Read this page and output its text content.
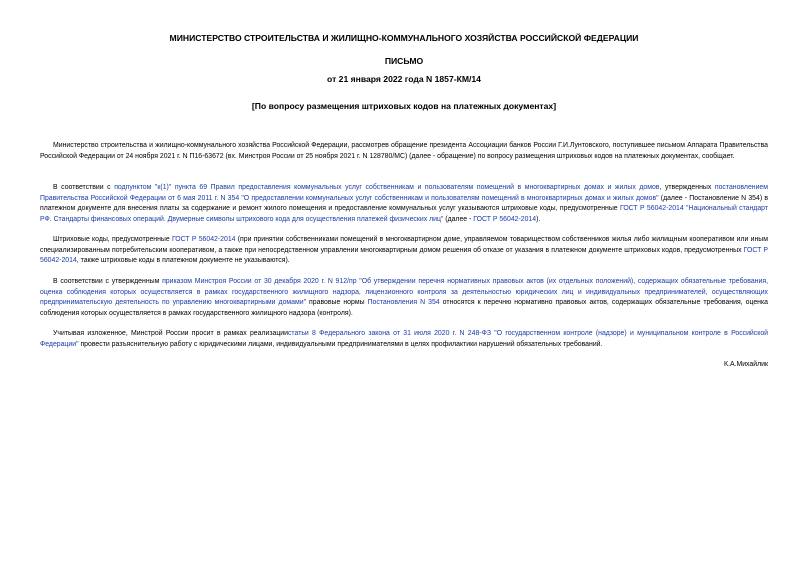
МИНИСТЕРСТВО СТРОИТЕЛЬСТВА И ЖИЛИЩНО-КОММУНАЛЬНОГО ХОЗЯЙСТВА РОССИЙСКОЙ ФЕДЕРАЦИИ
ПИСЬМО
от 21 января 2022 года N 1857-КМ/14
[По вопросу размещения штриховых кодов на платежных документах]

Министерство строительства и жилищно-коммунального хозяйства Российской Федерации, рассмотрев обращение президента Ассоциации банков России Г.И.Лунтовского, поступившее письмом Аппарата Правительства Российской Федерации от 24 ноября 2021 г. N П16-63672 (вх. Минстроя России от 25 ноября 2021 г. N 128780/МС) (далее - обращение) по вопросу размещения штриховых кодов на платежных документах, сообщает.

В соответствии с подпунктом "к(1)" пункта 69 Правил предоставления коммунальных услуг собственникам и пользователям помещений в многоквартирных домах и жилых домов, утвержденных постановлением Правительства Российской Федерации от 6 мая 2011 г. N 354 "О предоставлении коммунальных услуг собственникам и пользователям помещений в многоквартирных домах и жилых домов" (далее - Постановление N 354) в платежном документе для внесения платы за содержание и ремонт жилого помещения и предоставление коммунальных услуг указываются штриховые коды, предусмотренные ГОСТ Р 56042-2014 "Национальный стандарт РФ. Стандарты финансовых операций. Двумерные символы штрихового кода для осуществления платежей физических лиц" (далее - ГОСТ Р 56042-2014).

Штриховые коды, предусмотренные ГОСТ Р 56042-2014 (при принятии собственниками помещений в многоквартирном доме, управляемом товариществом собственников жилья либо жилищным кооперативом или иным специализированным потребительским кооперативом, а также при непосредственном управлении многоквартирным домом решения об отказе от указания в платежном документе штриховых кодов, предусмотренных ГОСТ Р 56042-2014, также штриховые коды в платежном документе не указываются).

В соответствии с утвержденным приказом Минстроя России от 30 декабря 2020 г. N 912/пр "Об утверждении перечня нормативных правовых актов (их отдельных положений), содержащих обязательные требования, оценка соблюдения которых осуществляется в рамках государственного жилищного надзора, лицензионного контроля за деятельностью юридических лиц и индивидуальных предпринимателей, осуществляющих предпринимательскую деятельность по управлению многоквартирными домами" правовые нормы Постановления N 354 относятся к перечню нормативно правовых актов, содержащих обязательные требования, оценка соблюдения которых осуществляется в рамках государственного жилищного надзора (контроля).

Учитывая изложенное, Минстрой России просит в рамках реализациистатьи 8 Федерального закона от 31 июля 2020 г. N 248-ФЗ "О государственном контроле (надзоре) и муниципальном контроле в Российской Федерации" провести разъяснительную работу с юридическими лицами, индивидуальными предпринимателями в целях профилактики нарушений обязательных требований.

К.А.Михайлик
